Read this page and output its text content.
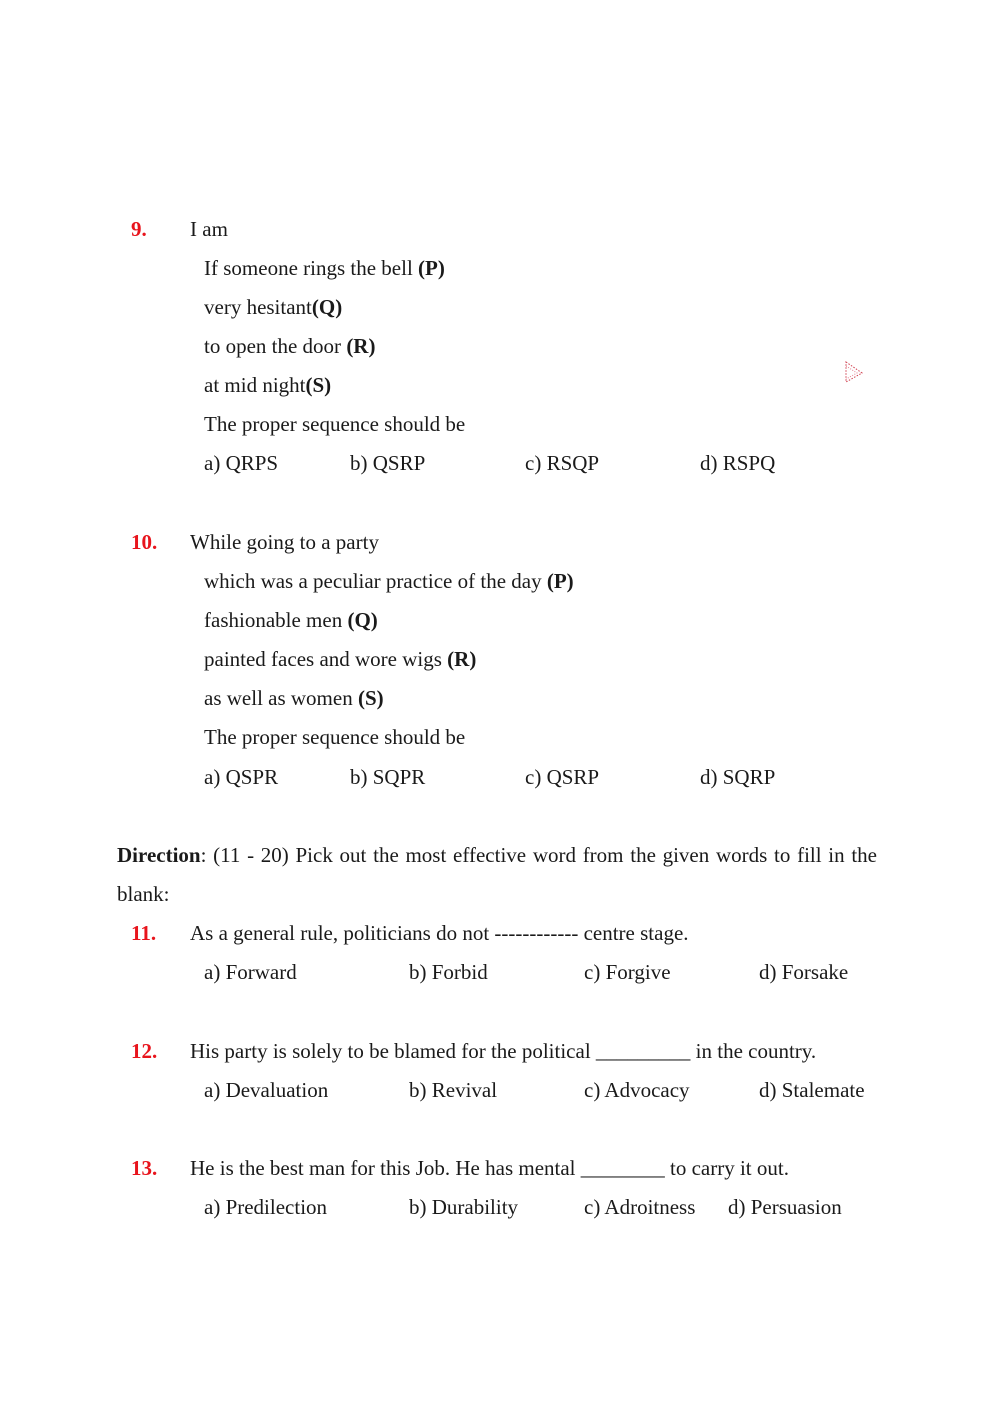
9. I am
If someone rings the bell (P)
very hesitant(Q)
to open the door (R)
at mid night(S)
The proper sequence should be
a) QRPS	b) QSRP	c) RSQP	d) RSPQ
10. While going to a party
which was a peculiar practice of the day (P)
fashionable men (Q)
painted faces and wore wigs (R)
as well as women (S)
The proper sequence should be
a) QSPR	b) SQPR	c) QSRP	d) SQRP
Direction: (11 - 20) Pick out the most effective word from the given words to fill in the blank:
11. As a general rule, politicians do not ------------ centre stage.
a) Forward	b) Forbid	c) Forgive	d) Forsake
12. His party is solely to be blamed for the political _________ in the country.
a) Devaluation	b) Revival	c) Advocacy	d) Stalemate
13. He is the best man for this Job. He has mental ________ to carry it out.
a) Predilection	b) Durability	c) Adroitness d) Persuasion
